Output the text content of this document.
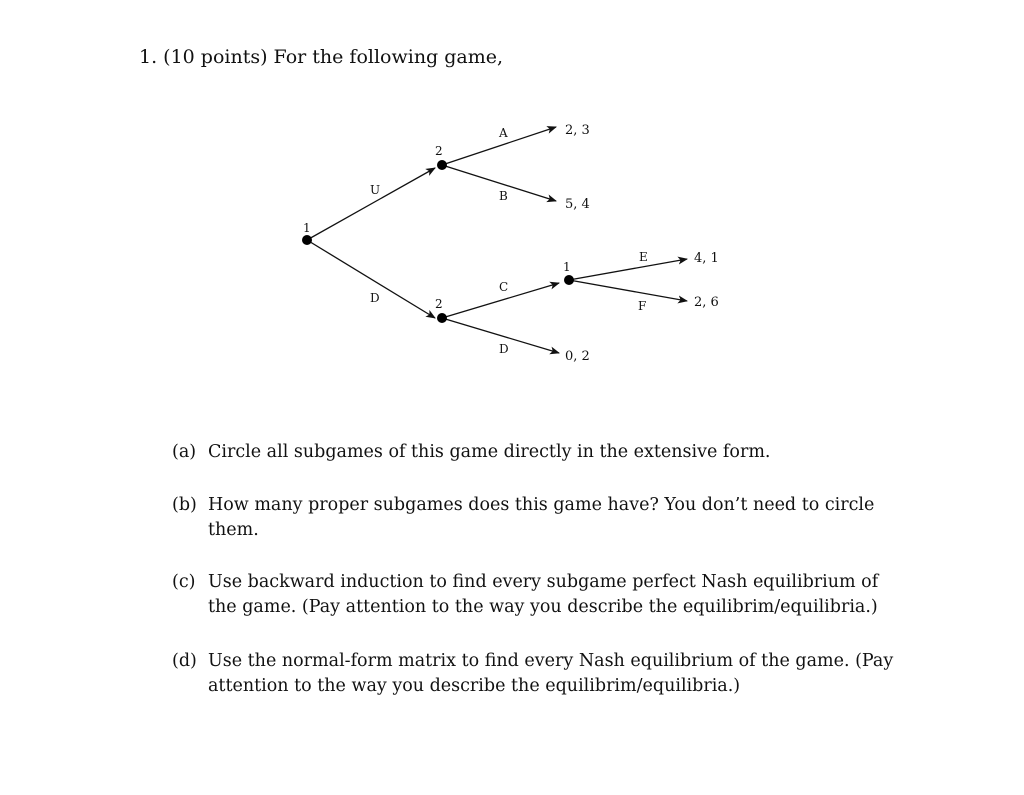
1. (10 points) For the following game,
1
2
2
1
U
D
A
B
C
D
E
F
2, 3
5, 4
4, 1
2, 6
0, 2
(a) Circle all subgames of this game directly in the extensive form.
(b) How many proper subgames does this game have? You don’t need to circle them.
(c) Use backward induction to find every subgame perfect Nash equilibrium of the game. (Pay attention to the way you describe the equilibrim/equilibria.)
(d) Use the normal-form matrix to find every Nash equilibrium of the game. (Pay attention to the way you describe the equilibrim/equilibria.)
